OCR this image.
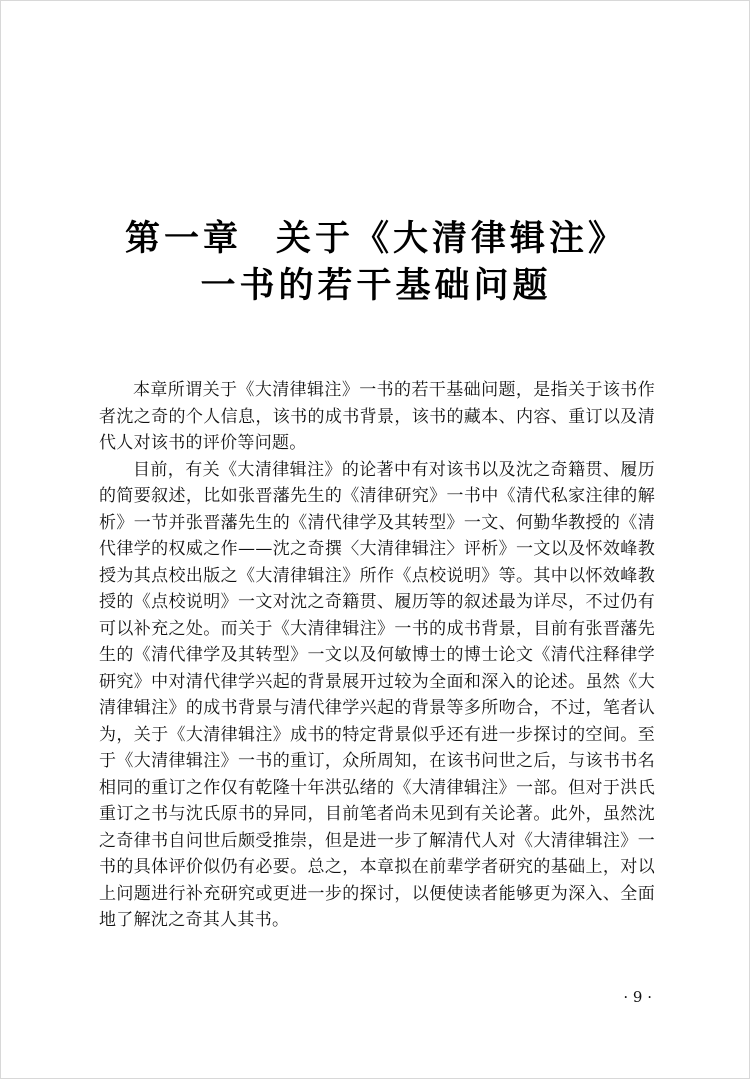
第一章 关于《大清律辑注》
一书的若干基础问题

本章所谓关于《大清律辑注》一书的若干基础问题，是指关于该书作者沈之奇的个人信息，该书的成书背景，该书的藏本、内容、重订以及清代人对该书的评价等问题。

目前，有关《大清律辑注》的论著中有对该书以及沈之奇籍贯、履历的简要叙述，比如张晋藩先生的《清律研究》一书中《清代私家注律的解析》一节并张晋藩先生的《清代律学及其转型》一文、何勤华教授的《清代律学的权威之作——沈之奇撰〈大清律辑注〉评析》一文以及怀效峰教授为其点校出版之《大清律辑注》所作《点校说明》等。其中以怀效峰教授的《点校说明》一文对沈之奇籍贯、履历等的叙述最为详尽，不过仍有可以补充之处。而关于《大清律辑注》一书的成书背景，目前有张晋藩先生的《清代律学及其转型》一文以及何敏博士的博士论文《清代注释律学研究》中对清代律学兴起的背景展开过较为全面和深入的论述。虽然《大清律辑注》的成书背景与清代律学兴起的背景等多所吻合，不过，笔者认为，关于《大清律辑注》成书的特定背景似乎还有进一步探讨的空间。至于《大清律辑注》一书的重订，众所周知，在该书问世之后，与该书书名相同的重订之作仅有乾隆十年洪弘绪的《大清律辑注》一部。但对于洪氏重订之书与沈氏原书的异同，目前笔者尚未见到有关论著。此外，虽然沈之奇律书自问世后颇受推崇，但是进一步了解清代人对《大清律辑注》一书的具体评价似仍有必要。总之，本章拟在前辈学者研究的基础上，对以上问题进行补充研究或更进一步的探讨，以便使读者能够更为深入、全面地了解沈之奇其人其书。

· 9 ·
